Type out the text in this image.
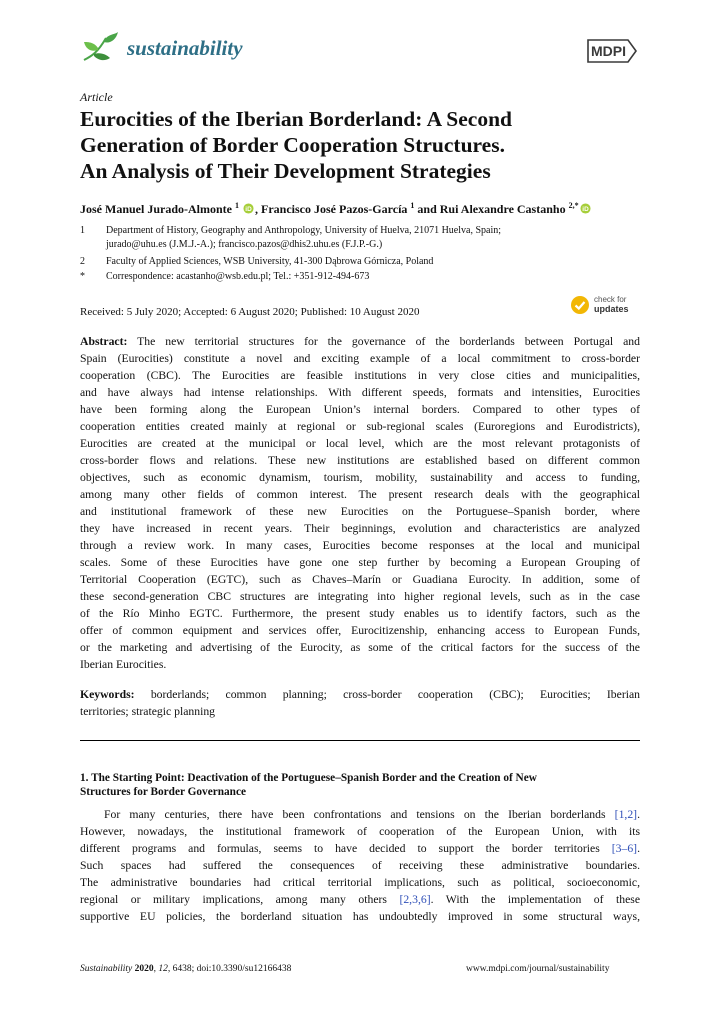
sustainability	MDPI
Article
Eurocities of the Iberian Borderland: A Second
Generation of Border Cooperation Structures.
An Analysis of Their Development Strategies
José Manuel Jurado-Almonte $^1$ iD , Francisco José Pazos-García $^1$ and Rui Alexandre Castanho $^{2,*}$ iD
1	Department of History, Geography and Anthropology, University of Huelva, 21071 Huelva, Spain;
jurado@uhu.es (J.M.J.-A.); francisco.pazos@dhis2.uhu.es (F.J.P.-G.)
2	Faculty of Applied Sciences, WSB University, 41-300 Dąbrowa Górnicza, Poland
*	Correspondence: acastanho@wsb.edu.pl; Tel.: +351-912-494-673
Received: 5 July 2020; Accepted: 6 August 2020; Published: 10 August 2020
check for
updates
Abstract: The new territorial structures for the governance of the borderlands between Portugal and
Spain (Eurocities) constitute a novel and exciting example of a local commitment to cross-border
cooperation (CBC). The Eurocities are feasible institutions in very close cities and municipalities,
and have always had intense relationships. With different speeds, formats and intensities, Eurocities
have been forming along the European Union’s internal borders. Compared to other types of
cooperation entities created mainly at regional or sub-regional scales (Euroregions and Eurodistricts),
Eurocities are created at the municipal or local level, which are the most relevant protagonists of
cross-border flows and relations. These new institutions are established based on different common
objectives, such as economic dynamism, tourism, mobility, sustainability and access to funding,
among many other fields of common interest. The present research deals with the geographical
and institutional framework of these new Eurocities on the Portuguese–Spanish border, where
they have increased in recent years. Their beginnings, evolution and characteristics are analyzed
through a review work. In many cases, Eurocities become responses at the local and municipal
scales. Some of these Eurocities have gone one step further by becoming a European Grouping of
Territorial Cooperation (EGTC), such as Chaves–Marín or Guadiana Eurocity. In addition, some of
these second-generation CBC structures are integrating into higher regional levels, such as in the case
of the Río Minho EGTC. Furthermore, the present study enables us to identify factors, such as the
offer of common equipment and services offer, Eurocitizenship, enhancing access to European Funds,
or the marketing and advertising of the Eurocity, as some of the critical factors for the success of the
Iberian Eurocities.
Keywords: borderlands; common planning; cross-border cooperation (CBC); Eurocities; Iberian
territories; strategic planning
1. The Starting Point: Deactivation of the Portuguese–Spanish Border and the Creation of New
Structures for Border Governance
For many centuries, there have been confrontations and tensions on the Iberian borderlands [1,2].
However, nowadays, the institutional framework of cooperation of the European Union, with its
different programs and formulas, seems to have decided to support the border territories [3–6].
Such spaces had suffered the consequences of receiving these administrative boundaries.
The administrative boundaries had critical territorial implications, such as political, socioeconomic,
regional or military implications, among many others [2,3,6]. With the implementation of these
supportive EU policies, the borderland situation has undoubtedly improved in some structural ways,
Sustainability 2020, 12, 6438; doi:10.3390/su12166438	www.mdpi.com/journal/sustainability
